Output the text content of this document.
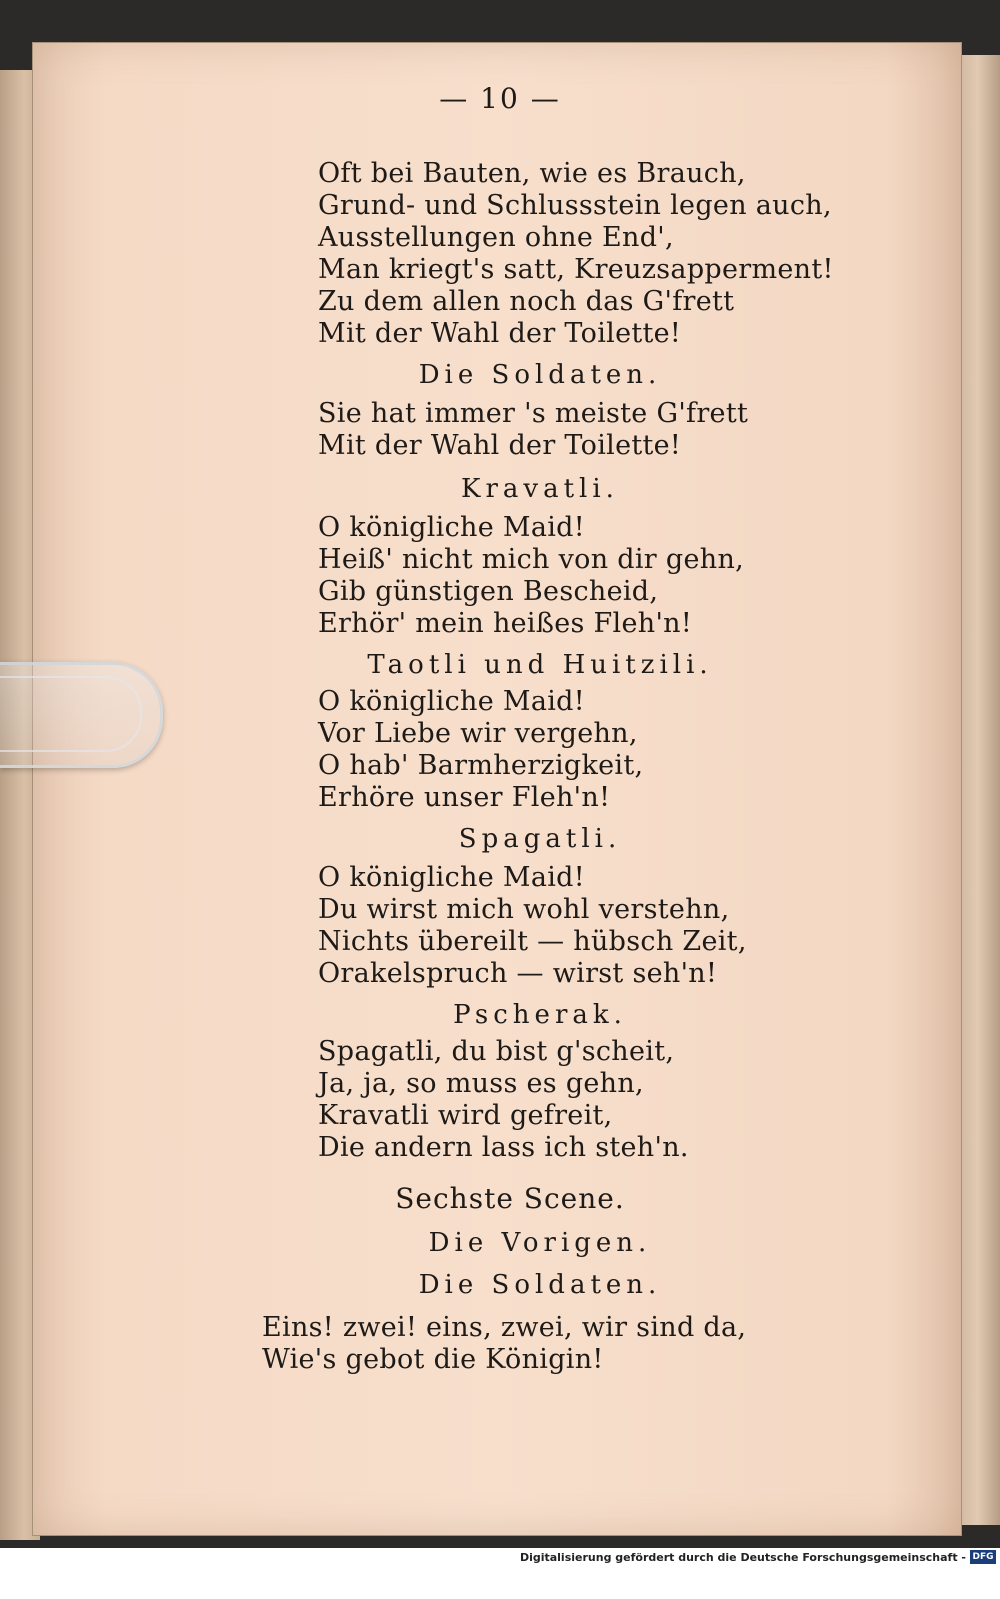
— 10 —
Oft bei Bauten, wie es Brauch,
Grund- und Schlussstein legen auch,
Ausstellungen ohne End',
Man kriegt's satt, Kreuzsapperment!
Zu dem allen noch das G'frett
Mit der Wahl der Toilette!
Die Soldaten.
Sie hat immer 's meiste G'frett
Mit der Wahl der Toilette!
Kravatli.
O königliche Maid!
Heiß' nicht mich von dir gehn,
Gib günstigen Bescheid,
Erhör' mein heißes Fleh'n!
Taotli und Huitzili.
O königliche Maid!
Vor Liebe wir vergehn,
O hab' Barmherzigkeit,
Erhöre unser Fleh'n!
Spagatli.
O königliche Maid!
Du wirst mich wohl verstehn,
Nichts übereilt — hübsch Zeit,
Orakelspruch — wirst seh'n!
Pscherak.
Spagatli, du bist g'scheit,
Ja, ja, so muss es gehn,
Kravatli wird gefreit,
Die andern lass ich steh'n.
Sechste Scene.
Die Vorigen.
Die Soldaten.
Eins! zwei! eins, zwei, wir sind da,
Wie's gebot die Königin!
Digitalisierung gefördert durch die Deutsche Forschungsgemeinschaft - DFG
